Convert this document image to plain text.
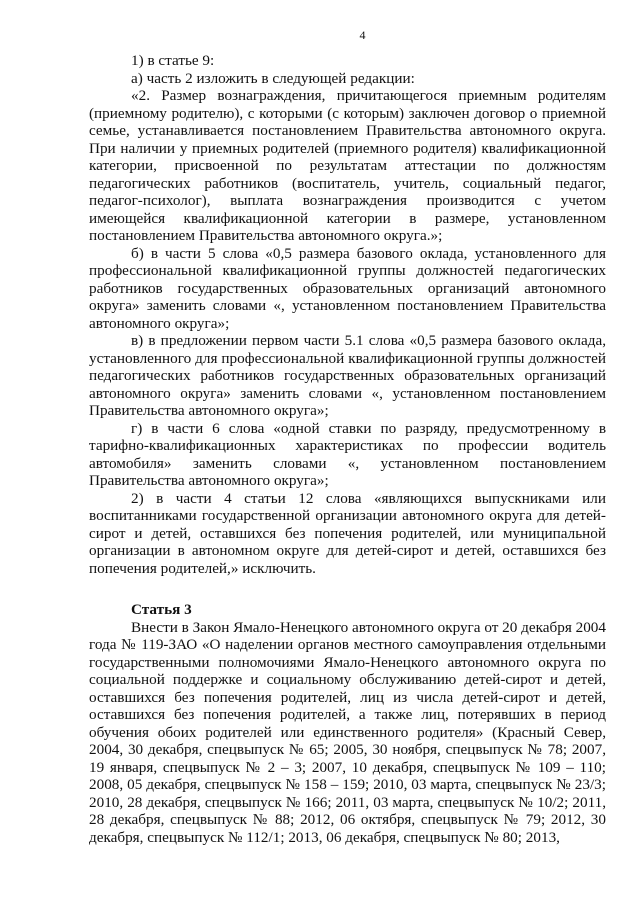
4

1) в статье 9:

а) часть 2 изложить в следующей редакции:

«2. Размер вознаграждения, причитающегося приемным родителям (приемному родителю), с которыми (с которым) заключен договор о приемной семье, устанавливается постановлением Правительства автономного округа. При наличии у приемных родителей (приемного родителя) квалификационной категории, присвоенной по результатам аттестации по должностям педагогических работников (воспитатель, учитель, социальный педагог, педагог-психолог), выплата вознаграждения производится с учетом имеющейся квалификационной категории в размере, установленном постановлением Правительства автономного округа.»;

б) в части 5 слова «0,5 размера базового оклада, установленного для профессиональной квалификационной группы должностей педагогических работников государственных образовательных организаций автономного округа» заменить словами «, установленном постановлением Правительства автономного округа»;

в) в предложении первом части 5.1 слова «0,5 размера базового оклада, установленного для профессиональной квалификационной группы должностей педагогических работников государственных образовательных организаций автономного округа» заменить словами «, установленном постановлением Правительства автономного округа»;

г) в части 6 слова «одной ставки по разряду, предусмотренному в тарифно-квалификационных характеристиках по профессии водитель автомобиля» заменить словами «, установленном постановлением Правительства автономного округа»;

2) в части 4 статьи 12 слова «являющихся выпускниками или воспитанниками государственной организации автономного округа для детей-сирот и детей, оставшихся без попечения родителей, или муниципальной организации в автономном округе для детей-сирот и детей, оставшихся без попечения родителей,» исключить.

Статья 3

Внести в Закон Ямало-Ненецкого автономного округа от 20 декабря 2004 года № 119-ЗАО «О наделении органов местного самоуправления отдельными государственными полномочиями Ямало-Ненецкого автономного округа по социальной поддержке и социальному обслуживанию детей-сирот и детей, оставшихся без попечения родителей, лиц из числа детей-сирот и детей, оставшихся без попечения родителей, а также лиц, потерявших в период обучения обоих родителей или единственного родителя» (Красный Север, 2004, 30 декабря, спецвыпуск № 65; 2005, 30 ноября, спецвыпуск № 78; 2007, 19 января, спецвыпуск № 2 – 3; 2007, 10 декабря, спецвыпуск № 109 – 110; 2008, 05 декабря, спецвыпуск № 158 – 159; 2010, 03 марта, спецвыпуск № 23/3; 2010, 28 декабря, спецвыпуск № 166; 2011, 03 марта, спецвыпуск № 10/2; 2011, 28 декабря, спецвыпуск № 88; 2012, 06 октября, спецвыпуск № 79; 2012, 30 декабря, спецвыпуск № 112/1; 2013, 06 декабря, спецвыпуск № 80; 2013,
